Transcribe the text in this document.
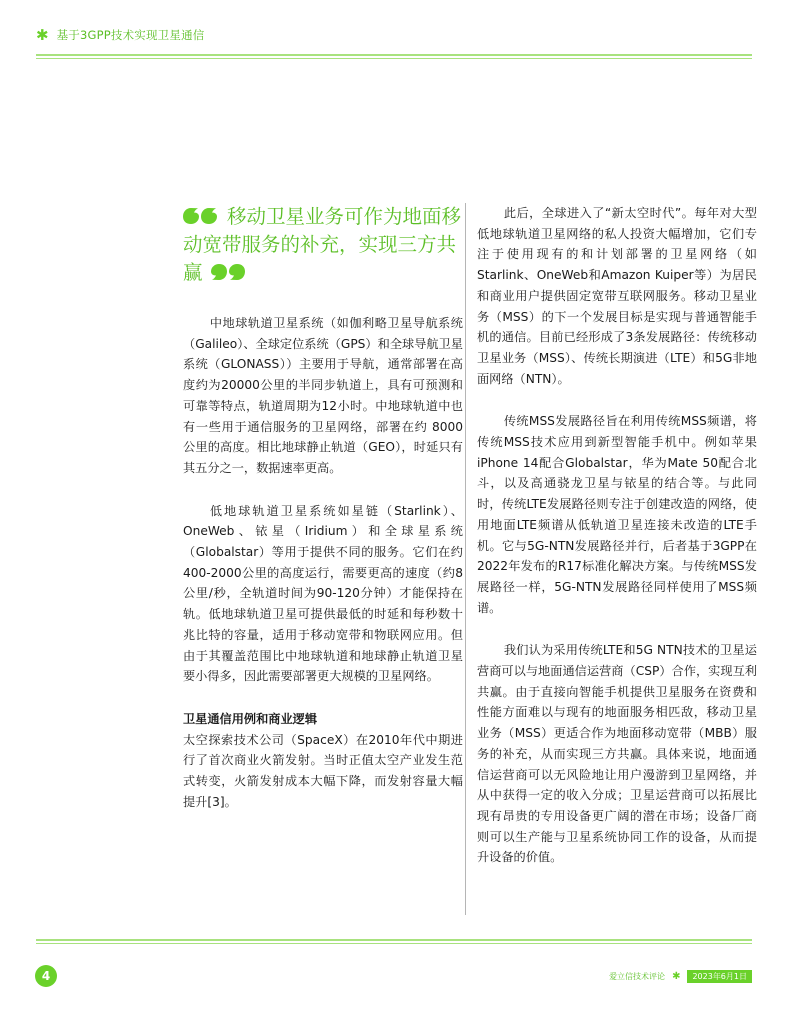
✱ 基于3GPP技术实现卫星通信
移动卫星业务可作为地面移动宽带服务的补充，实现三方共赢

中地球轨道卫星系统（如伽利略卫星导航系统（Galileo）、全球定位系统（GPS）和全球导航卫星系统（GLONASS））主要用于导航，通常部署在高度约为20000公里的半同步轨道上，具有可预测和可靠等特点，轨道周期为12小时。中地球轨道中也有一些用于通信服务的卫星网络，部署在约 8000 公里的高度。相比地球静止轨道（GEO），时延只有其五分之一，数据速率更高。

低地球轨道卫星系统如星链（Starlink）、OneWeb、铱星（Iridium）和全球星系统（Globalstar）等用于提供不同的服务。它们在约400-2000公里的高度运行，需要更高的速度（约8公里/秒，全轨道时间为90-120分钟）才能保持在轨。低地球轨道卫星可提供最低的时延和每秒数十兆比特的容量，适用于移动宽带和物联网应用。但由于其覆盖范围比中地球轨道和地球静止轨道卫星要小得多，因此需要部署更大规模的卫星网络。

卫星通信用例和商业逻辑

太空探索技术公司（SpaceX）在2010年代中期进行了首次商业火箭发射。当时正值太空产业发生范式转变，火箭发射成本大幅下降，而发射容量大幅提升[3]。

此后，全球进入了“新太空时代”。每年对大型低地球轨道卫星网络的私人投资大幅增加，它们专注于使用现有的和计划部署的卫星网络（如Starlink、OneWeb和Amazon Kuiper等）为居民和商业用户提供固定宽带互联网服务。移动卫星业务（MSS）的下一个发展目标是实现与普通智能手机的通信。目前已经形成了3条发展路径：传统移动卫星业务（MSS）、传统长期演进（LTE）和5G非地面网络（NTN）。

传统MSS发展路径旨在利用传统MSS频谱，将传统MSS技术应用到新型智能手机中。例如苹果iPhone 14配合Globalstar，华为Mate 50配合北斗，以及高通骁龙卫星与铱星的结合等。与此同时，传统LTE发展路径则专注于创建改造的网络，使用地面LTE频谱从低轨道卫星连接未改造的LTE手机。它与5G-NTN发展路径并行，后者基于3GPP在2022年发布的R17标准化解决方案。与传统MSS发展路径一样，5G-NTN发展路径同样使用了MSS频谱。

我们认为采用传统LTE和5G NTN技术的卫星运营商可以与地面通信运营商（CSP）合作，实现互利共赢。由于直接向智能手机提供卫星服务在资费和性能方面难以与现有的地面服务相匹敌，移动卫星业务（MSS）更适合作为地面移动宽带（MBB）服务的补充，从而实现三方共赢。具体来说，地面通信运营商可以无风险地让用户漫游到卫星网络，并从中获得一定的收入分成；卫星运营商可以拓展比现有昂贵的专用设备更广阔的潜在市场；设备厂商则可以生产能与卫星系统协同工作的设备，从而提升设备的价值。

4	爱立信技术评论 ✱	2023年6月1日
